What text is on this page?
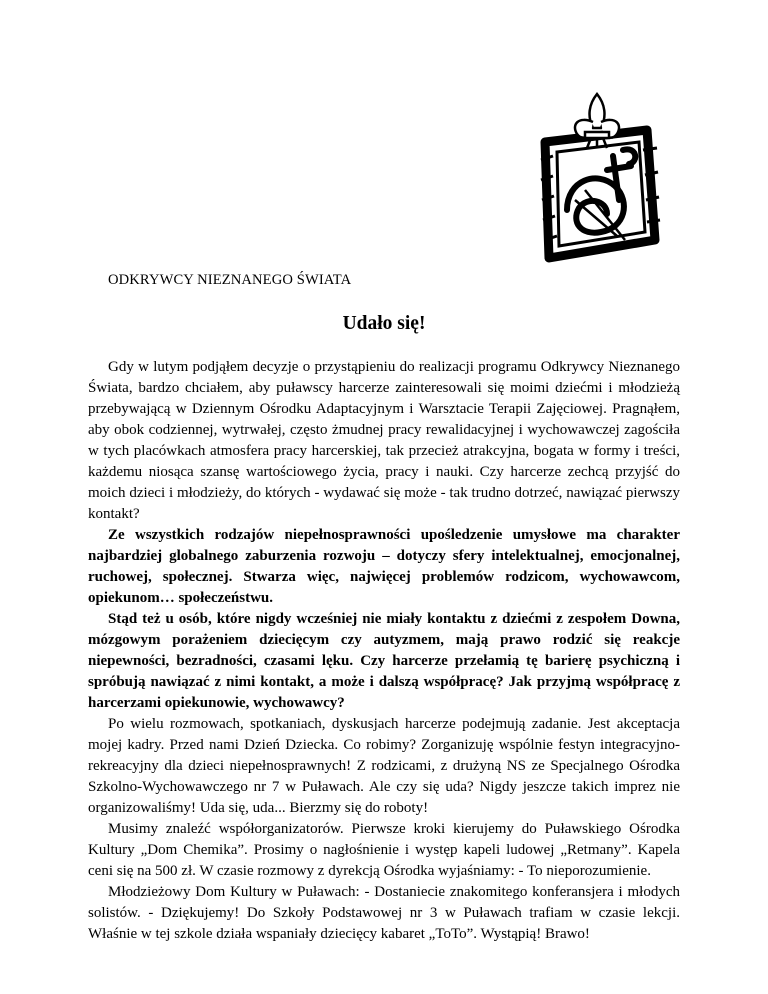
ODKRYWCY NIEZNANEGO ŚWIATA
Udało się!

Gdy w lutym podjąłem decyzje o przystąpieniu do realizacji programu Odkrywcy Nieznanego Świata, bardzo chciałem, aby puławscy harcerze zainteresowali się moimi dziećmi i młodzieżą przebywającą w Dziennym Ośrodku Adaptacyjnym i Warsztacie Terapii Zajęciowej. Pragnąłem, aby obok codziennej, wytrwałej, często żmudnej pracy rewalidacyjnej i wychowawczej zagościła w tych placówkach atmosfera pracy harcerskiej, tak przecież atrakcyjna, bogata w formy i treści, każdemu niosąca szansę wartościowego życia, pracy i nauki. Czy harcerze zechcą przyjść do moich dzieci i młodzieży, do których - wydawać się może - tak trudno dotrzeć, nawiązać pierwszy kontakt?

Ze wszystkich rodzajów niepełnosprawności upośledzenie umysłowe ma charakter najbardziej globalnego zaburzenia rozwoju – dotyczy sfery intelektualnej, emocjonalnej, ruchowej, społecznej. Stwarza więc, najwięcej problemów rodzicom, wychowawcom, opiekunom… społeczeństwu.

Stąd też u osób, które nigdy wcześniej nie miały kontaktu z dziećmi z zespołem Downa, mózgowym porażeniem dziecięcym czy autyzmem, mają prawo rodzić się reakcje niepewności, bezradności, czasami lęku. Czy harcerze przełamią tę barierę psychiczną i spróbują nawiązać z nimi kontakt, a może i dalszą współpracę? Jak przyjmą współpracę z harcerzami opiekunowie, wychowawcy?

Po wielu rozmowach, spotkaniach, dyskusjach harcerze podejmują zadanie. Jest akceptacja mojej kadry. Przed nami Dzień Dziecka. Co robimy? Zorganizuję wspólnie festyn integracyjno-rekreacyjny dla dzieci niepełnosprawnych! Z rodzicami, z drużyną NS ze Specjalnego Ośrodka Szkolno-Wychowawczego nr 7 w Puławach. Ale czy się uda? Nigdy jeszcze takich imprez nie organizowaliśmy! Uda się, uda... Bierzmy się do roboty!

Musimy znaleźć współorganizatorów. Pierwsze kroki kierujemy do Puławskiego Ośrodka Kultury „Dom Chemika”. Prosimy o nagłośnienie i występ kapeli ludowej „Retmany”. Kapela ceni się na 500 zł. W czasie rozmowy z dyrekcją Ośrodka wyjaśniamy: - To nieporozumienie.

Młodzieżowy Dom Kultury w Puławach: - Dostaniecie znakomitego konferansjera i młodych solistów. - Dziękujemy! Do Szkoły Podstawowej nr 3 w Puławach trafiam w czasie lekcji. Właśnie w tej szkole działa wspaniały dziecięcy kabaret „ToTo”. Wystąpią! Brawo!
